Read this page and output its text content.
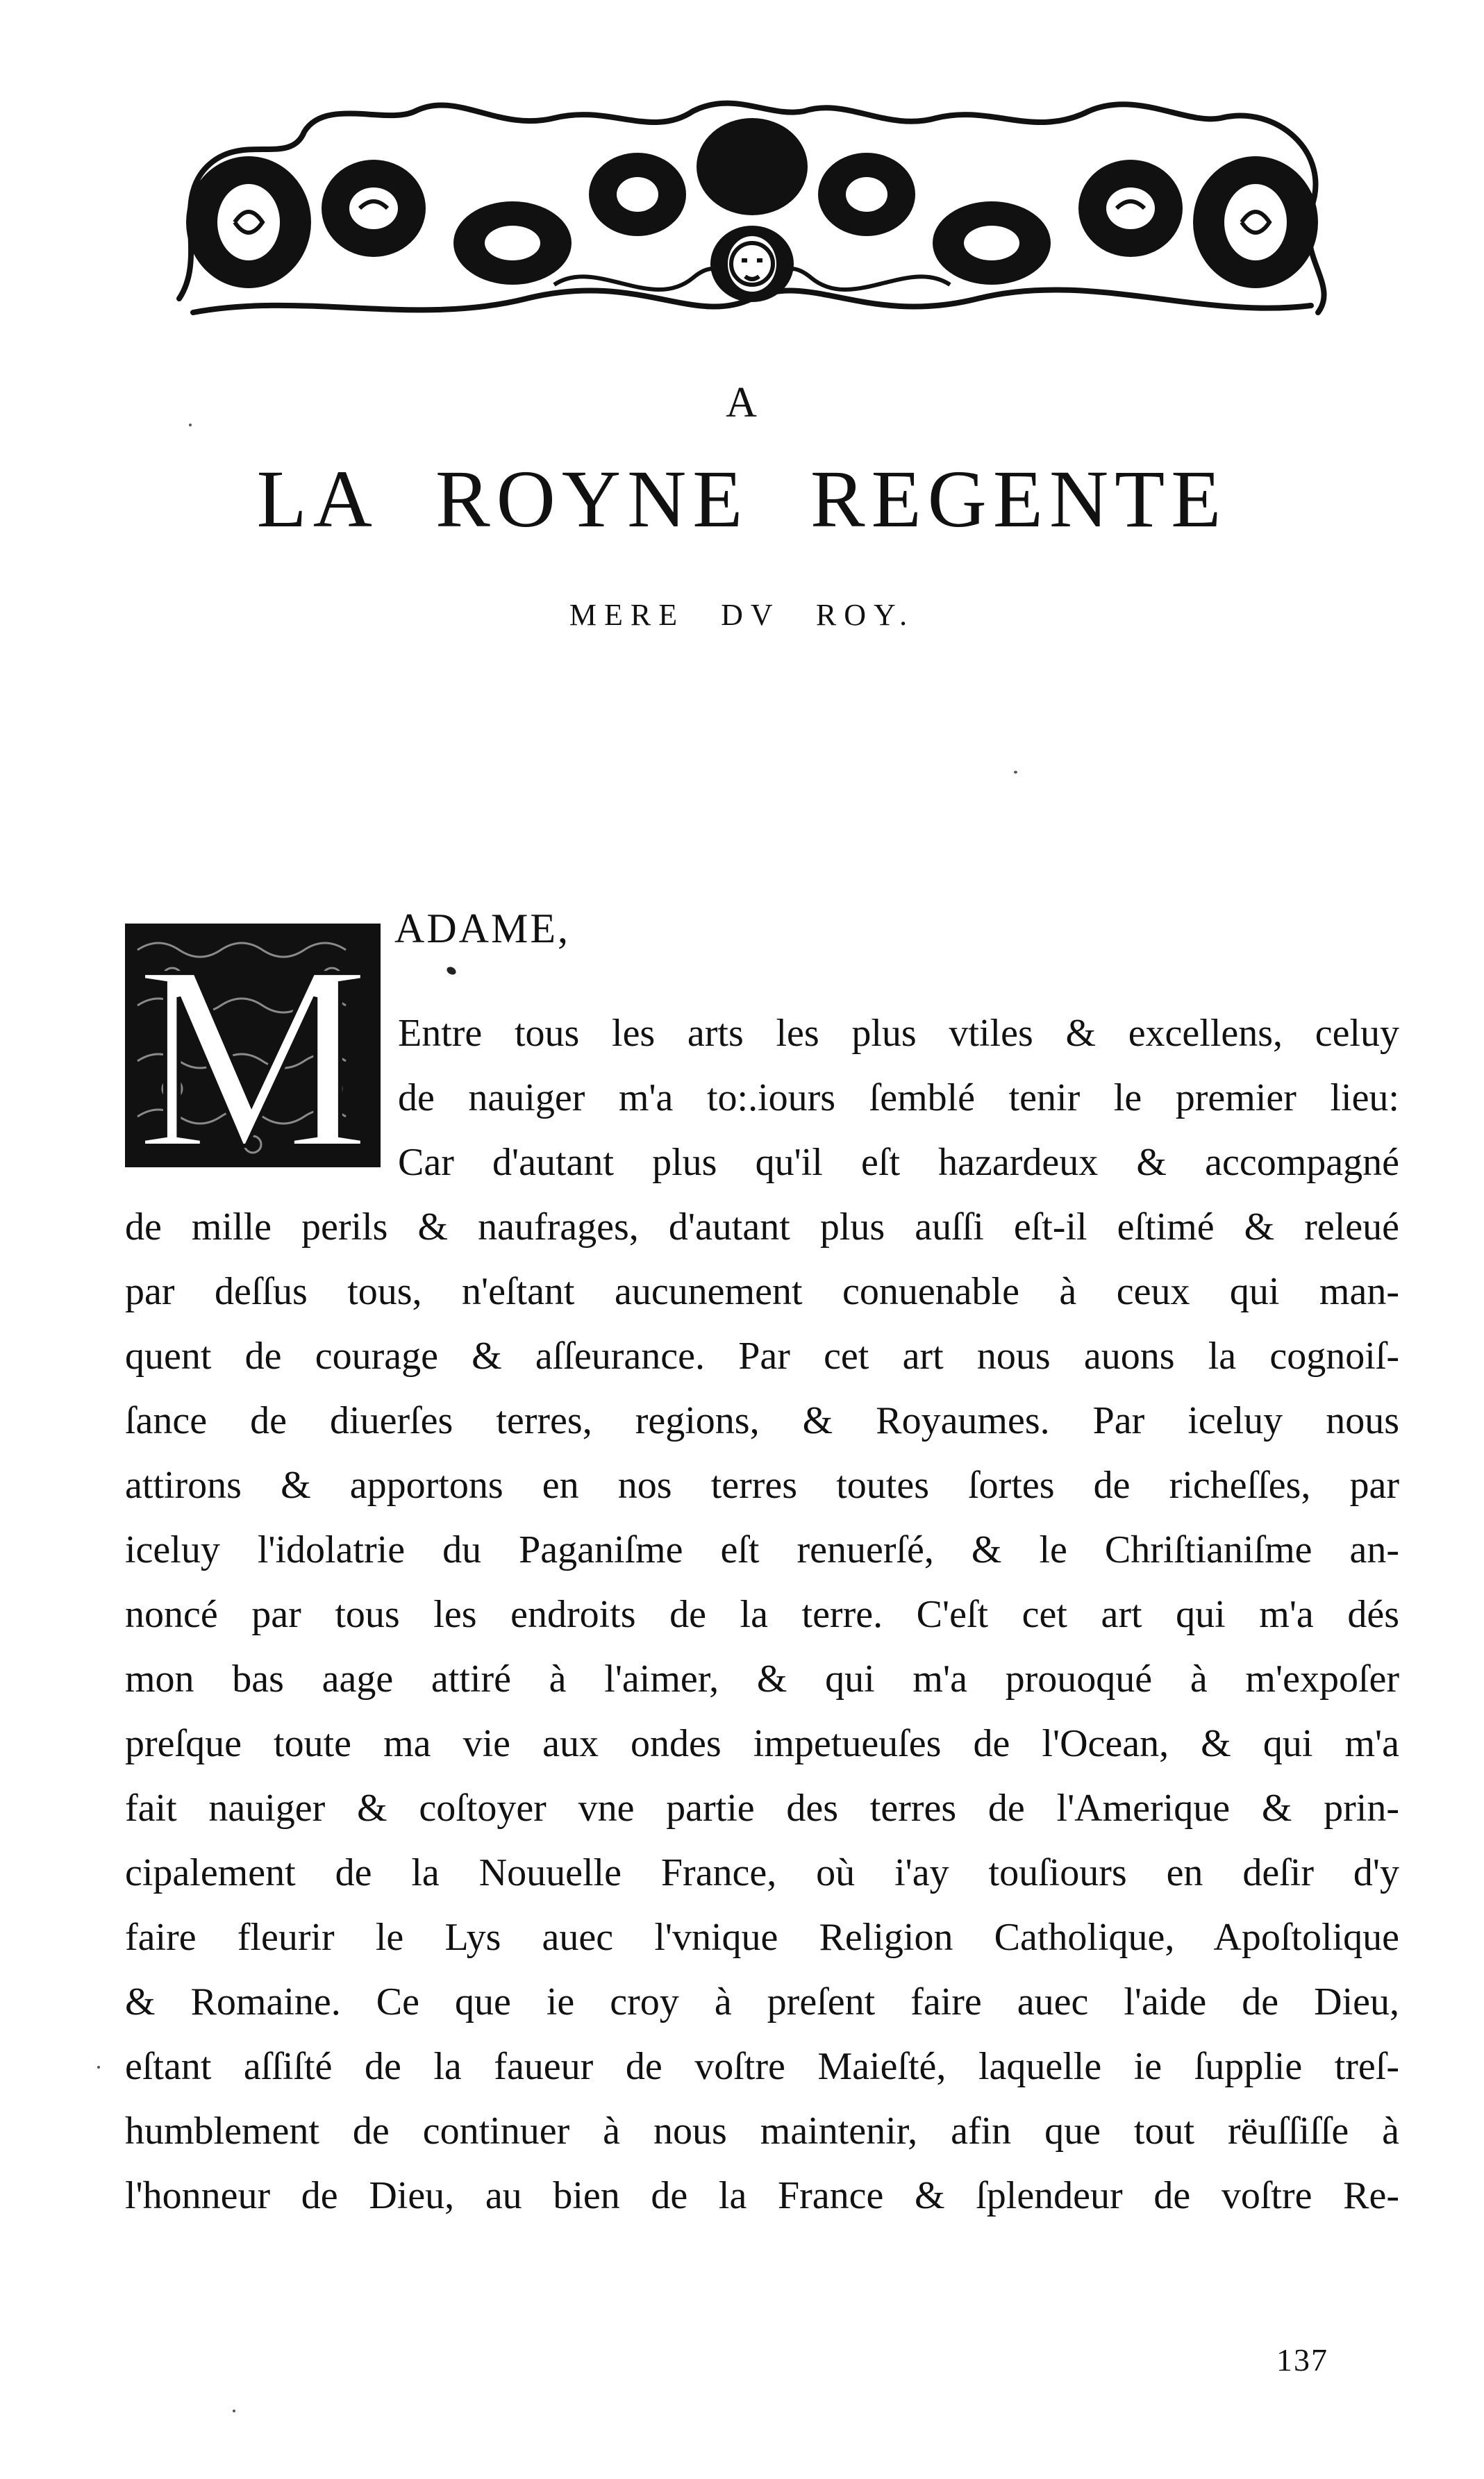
A
LA ROYNE REGENTE
MERE DV ROY.
M ADAME,
Entre tous les arts les plus vtiles & excellens, celuy
de nauiger m'a to:.iours ſemblé tenir le premier lieu:
Car d'autant plus qu'il eſt hazardeux & accompagné
de mille perils & naufrages, d'autant plus auſſi eſt-il eſtimé & releué
par deſſus tous, n'eſtant aucunement conuenable à ceux qui man-
quent de courage & aſſeurance. Par cet art nous auons la cognoiſ-
ſance de diuerſes terres, regions, & Royaumes. Par iceluy nous
attirons & apportons en nos terres toutes ſortes de richeſſes, par
iceluy l'idolatrie du Paganiſme eſt renuerſé, & le Chriſtianiſme an-
noncé par tous les endroits de la terre. C'eſt cet art qui m'a dés
mon bas aage attiré à l'aimer, & qui m'a prouoqué à m'expoſer
preſque toute ma vie aux ondes impetueuſes de l'Ocean, & qui m'a
fait nauiger & coſtoyer vne partie des terres de l'Amerique & prin-
cipalement de la Nouuelle France, où i'ay touſiours en deſir d'y
faire fleurir le Lys auec l'vnique Religion Catholique, Apoſtolique
& Romaine. Ce que ie croy à preſent faire auec l'aide de Dieu,
eſtant aſſiſté de la faueur de voſtre Maieſté, laquelle ie ſupplie treſ-
humblement de continuer à nous maintenir, afin que tout rëuſſiſſe à
l'honneur de Dieu, au bien de la France & ſplendeur de voſtre Re-
137
